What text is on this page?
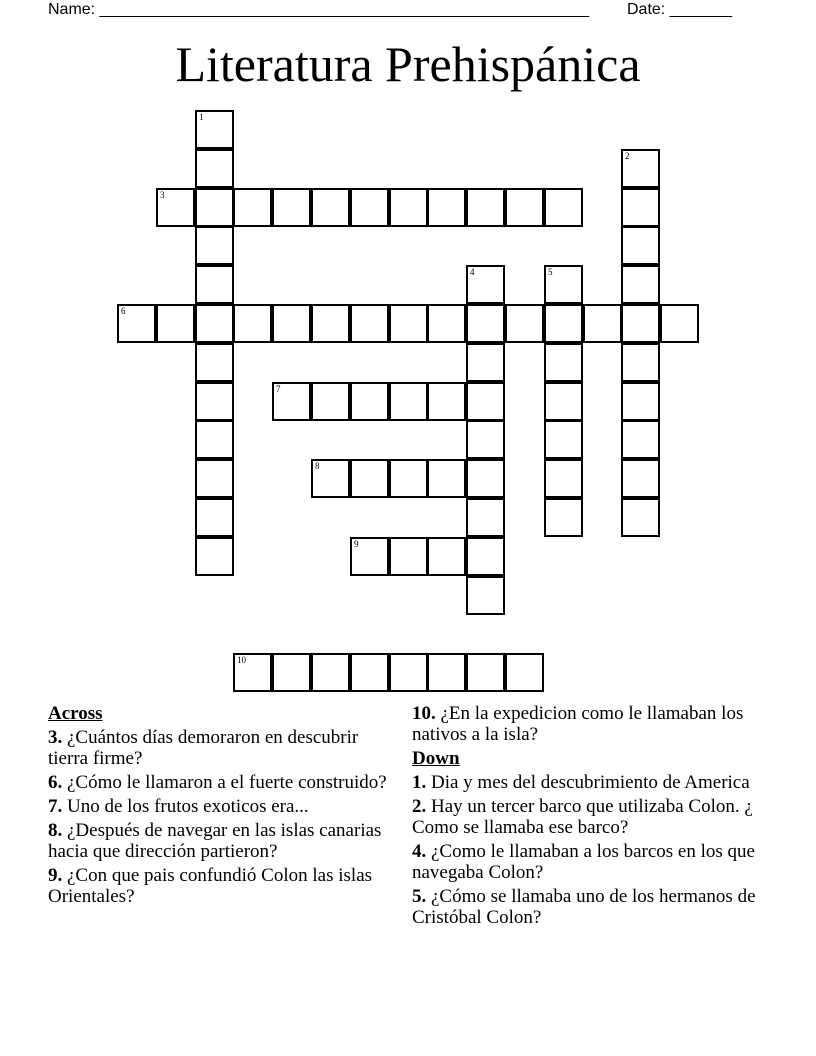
Name: _______________________________________________________ Date: _______
Literatura Prehispánica
1
2
3
4	5
6
7
8
9
10
Across
3. ¿Cuántos días demoraron en descubrir tierra firme?
6. ¿Cómo le llamaron a el fuerte construido?
7. Uno de los frutos exoticos era...
8. ¿Después de navegar en las islas canarias hacia que dirección partieron?
9. ¿Con que pais confundió Colon las islas Orientales?
10. ¿En la expedicion como le llamaban los nativos a la isla?
Down
1. Dia y mes del descubrimiento de America
2. Hay un tercer barco que utilizaba Colon. ¿ Como se llamaba ese barco?
4. ¿Como le llamaban a los barcos en los que navegaba Colon?
5. ¿Cómo se llamaba uno de los hermanos de Cristóbal Colon?
